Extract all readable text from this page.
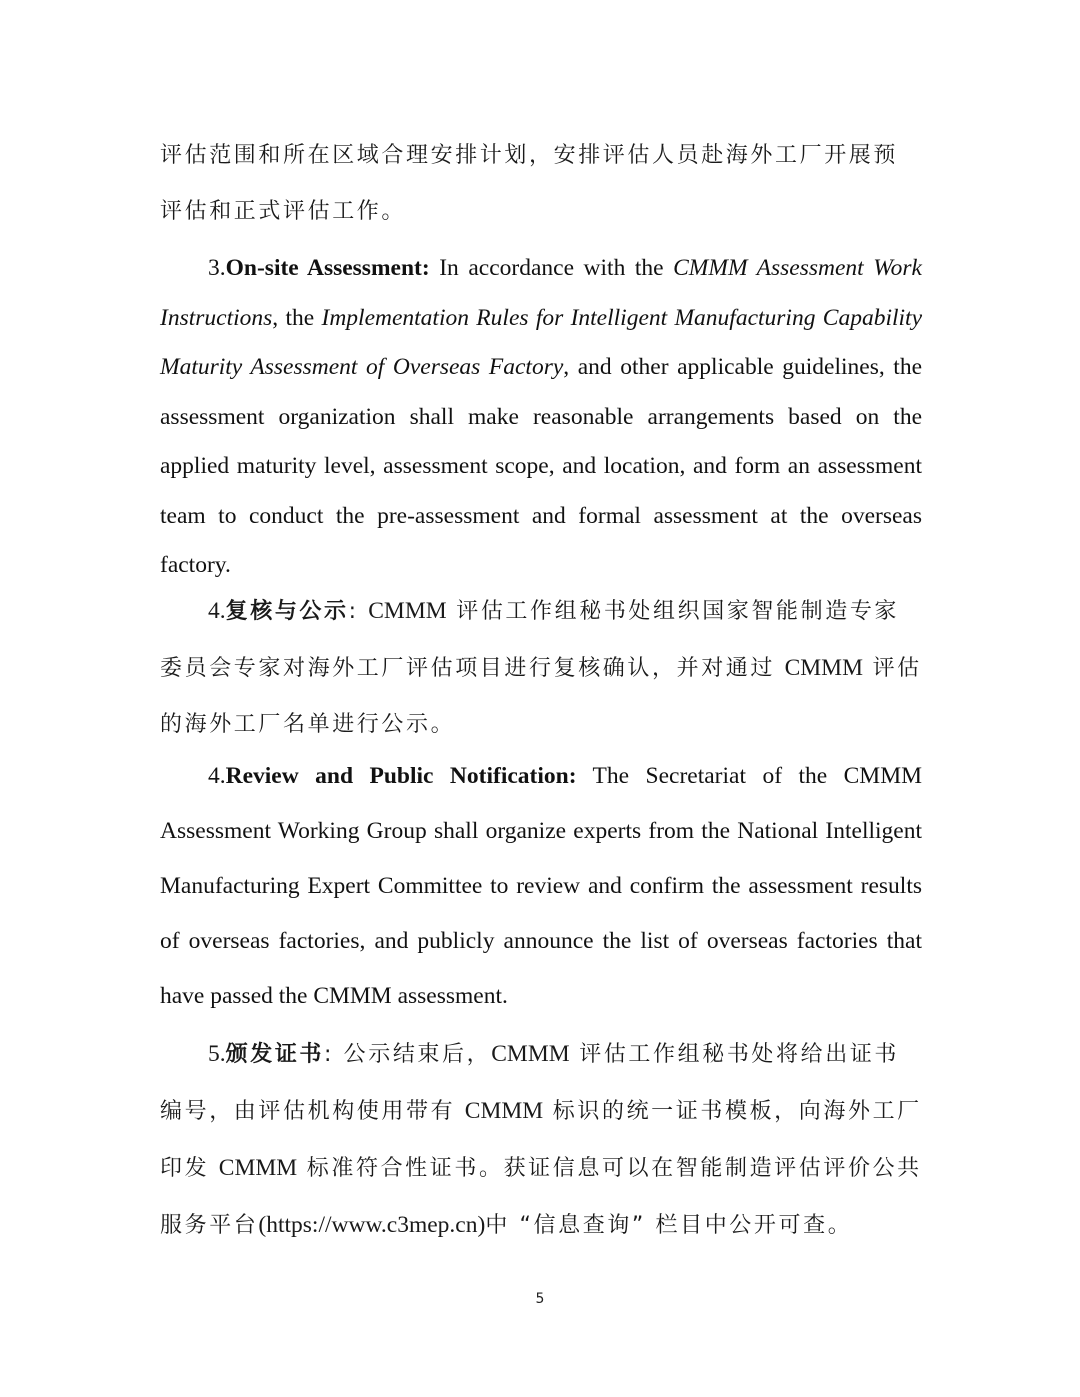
评估范围和所在区域合理安排计划，安排评估人员赴海外工厂开展预评估和正式评估工作。

3.On-site Assessment: In accordance with the CMMM Assessment Work Instructions, the Implementation Rules for Intelligent Manufacturing Capability Maturity Assessment of Overseas Factory, and other applicable guidelines, the assessment organization shall make reasonable arrangements based on the applied maturity level, assessment scope, and location, and form an assessment team to conduct the pre-assessment and formal assessment at the overseas factory.

4.复核与公示: CMMM 评估工作组秘书处组织国家智能制造专家委员会专家对海外工厂评估项目进行复核确认，并对通过 CMMM 评估的海外工厂名单进行公示。

4.Review and Public Notification: The Secretariat of the CMMM Assessment Working Group shall organize experts from the National Intelligent Manufacturing Expert Committee to review and confirm the assessment results of overseas factories, and publicly announce the list of overseas factories that have passed the CMMM assessment.

5.颁发证书: 公示结束后，CMMM 评估工作组秘书处将给出证书编号，由评估机构使用带有 CMMM 标识的统一证书模板，向海外工厂印发 CMMM 标准符合性证书。获证信息可以在智能制造评估评价公共服务平台(https://www.c3mep.cn)中 “信息查询” 栏目中公开可查。

5
